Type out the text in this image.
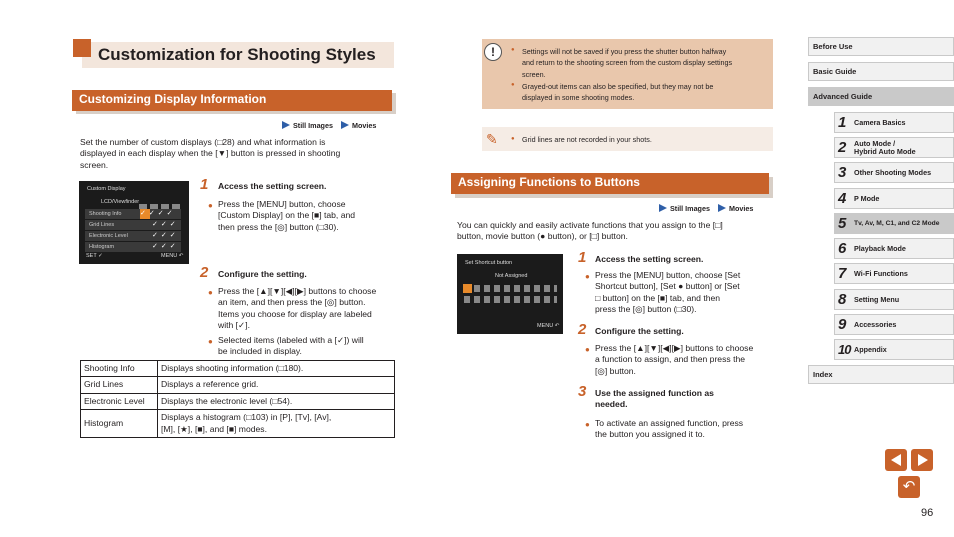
Customization for Shooting Styles
Customizing Display Information
Still Images	Movies
Set the number of custom displays (□28) and what information is
displayed in each display when the [▼] button is pressed in shooting
screen.
Custom Display
LCD/Viewfinder
Shooting Info
Grid Lines
Electronic Level
Histogram
✓✓✓✓
✓✓✓
✓✓✓
✓✓✓
SET ✓	MENU ↶
1 Access the setting screen.
● Press the [MENU] button, choose
[Custom Display] on the [■] tab, and
then press the [◎] button (□30).
2 Configure the setting.
● Press the [▲][▼][◀][▶] buttons to choose
an item, and then press the [◎] button.
Items you choose for display are labeled
with [✓].
● Selected items (labeled with a [✓]) will
be included in display.
Shooting Info	Displays shooting information (□180).
Grid Lines	Displays a reference grid.
Electronic Level	Displays the electronic level (□54).
Histogram	Displays a histogram (□103) in [P], [Tv], [Av],
[M], [★], [■], and [■] modes.
!	● Settings will not be saved if you press the shutter button halfway
and return to the shooting screen from the custom display settings
screen.
● Grayed-out items can also be specified, but they may not be
displayed in some shooting modes.
✎ ● Grid lines are not recorded in your shots.
Assigning Functions to Buttons
Still Images	Movies
You can quickly and easily activate functions that you assign to the [□]
button, movie button (● button), or [□] button.
Set Shortcut button
Not Assigned
MENU ↶
1 Access the setting screen.
● Press the [MENU] button, choose [Set
Shortcut button], [Set ● button] or [Set
□ button] on the [■] tab, and then
press the [◎] button (□30).
2 Configure the setting.
● Press the [▲][▼][◀][▶] buttons to choose
a function to assign, and then press the
[◎] button.
3 Use the assigned function as
needed.
● To activate an assigned function, press
the button you assigned it to.
Before Use
Basic Guide
Advanced Guide
1 Camera Basics
2 Auto Mode /
Hybrid Auto Mode
3 Other Shooting Modes
4 P Mode
5 Tv, Av, M, C1, and C2 Mode
6 Playback Mode
7 Wi-Fi Functions
8 Setting Menu
9 Accessories
10 Appendix
Index
↶
96
